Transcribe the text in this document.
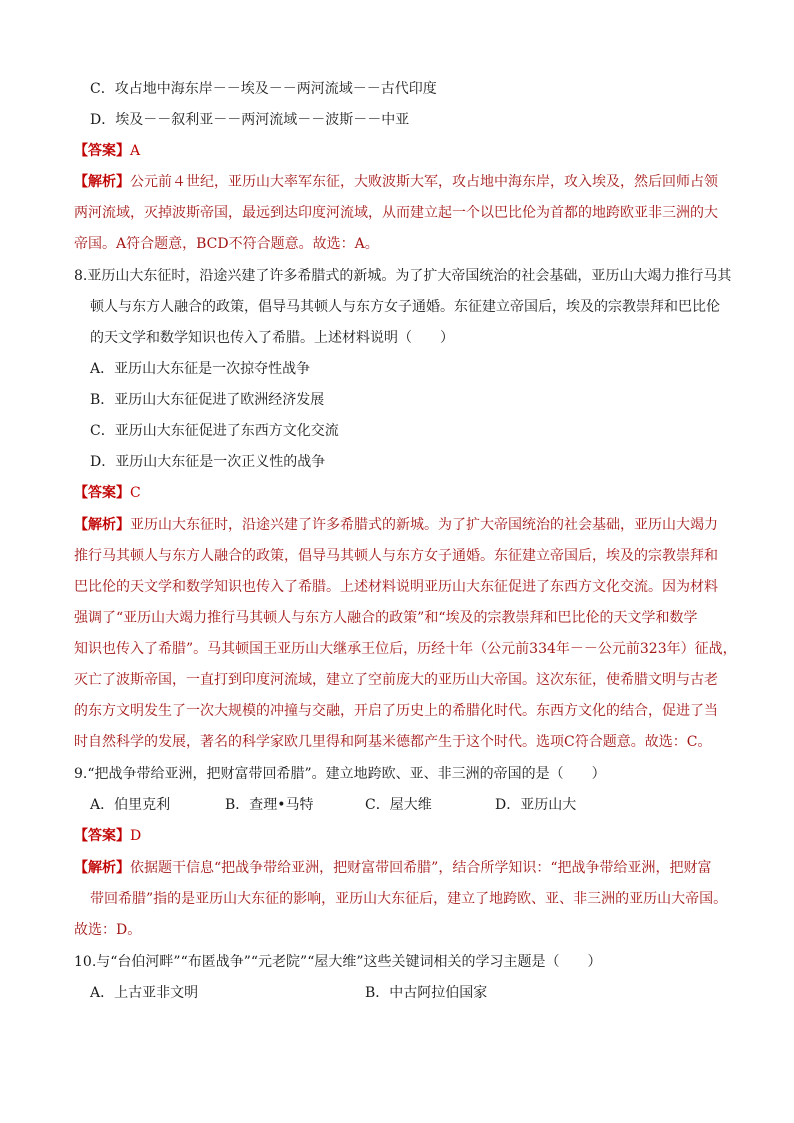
C．攻占地中海东岸－－埃及－－两河流域－－古代印度
D．埃及－－叙利亚－－两河流域－－波斯－－中亚
【答案】A
【解析】公元前４世纪，亚历山大率军东征，大败波斯大军，攻占地中海东岸，攻入埃及，然后回师占领
两河流域，灭掉波斯帝国，最远到达印度河流域，从而建立起一个以巴比伦为首都的地跨欧亚非三洲的大
帝国。A符合题意，BCD不符合题意。故选：A。
8.亚历山大东征时，沿途兴建了许多希腊式的新城。为了扩大帝国统治的社会基础，亚历山大竭力推行马其
顿人与东方人融合的政策，倡导马其顿人与东方女子通婚。东征建立帝国后，埃及的宗教崇拜和巴比伦
的天文学和数学知识也传入了希腊。上述材料说明（　　）
A．亚历山大东征是一次掠夺性战争
B．亚历山大东征促进了欧洲经济发展
C．亚历山大东征促进了东西方文化交流
D．亚历山大东征是一次正义性的战争
【答案】C
【解析】亚历山大东征时，沿途兴建了许多希腊式的新城。为了扩大帝国统治的社会基础，亚历山大竭力
推行马其顿人与东方人融合的政策，倡导马其顿人与东方女子通婚。东征建立帝国后，埃及的宗教崇拜和
巴比伦的天文学和数学知识也传入了希腊。上述材料说明亚历山大东征促进了东西方文化交流。因为材料
强调了“亚历山大竭力推行马其顿人与东方人融合的政策”和“埃及的宗教崇拜和巴比伦的天文学和数学
知识也传入了希腊”。马其顿国王亚历山大继承王位后，历经十年（公元前334年－－公元前323年）征战，
灭亡了波斯帝国，一直打到印度河流域，建立了空前庞大的亚历山大帝国。这次东征，使希腊文明与古老
的东方文明发生了一次大规模的冲撞与交融，开启了历史上的希腊化时代。东西方文化的结合，促进了当
时自然科学的发展，著名的科学家欧几里得和阿基米德都产生于这个时代。选项C符合题意。故选：C。
9.“把战争带给亚洲，把财富带回希腊”。建立地跨欧、亚、非三洲的帝国的是（　　）
A．伯里克利	B．查理•马特	C．屋大维	D．亚历山大
【答案】D
【解析】依据题干信息“把战争带给亚洲，把财富带回希腊”，结合所学知识：“把战争带给亚洲，把财富
带回希腊”指的是亚历山大东征的影响，亚历山大东征后，建立了地跨欧、亚、非三洲的亚历山大帝国。
故选：D。
10.与“台伯河畔”“布匿战争”“元老院”“屋大维”这些关键词相关的学习主题是（　　）
A．上古亚非文明	B．中古阿拉伯国家
